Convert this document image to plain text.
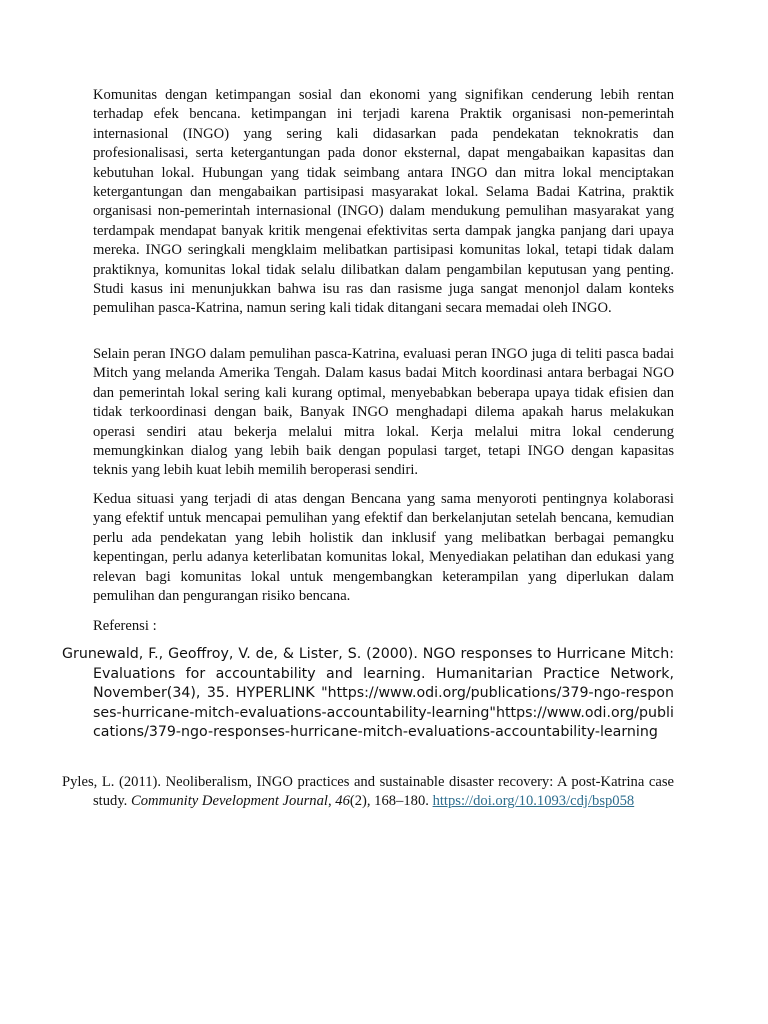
Komunitas dengan ketimpangan sosial dan ekonomi yang signifikan cenderung lebih rentan terhadap efek bencana. ketimpangan ini terjadi karena Praktik organisasi non-pemerintah internasional (INGO) yang sering kali didasarkan pada pendekatan teknokratis dan profesionalisasi, serta ketergantungan pada donor eksternal, dapat mengabaikan kapasitas dan kebutuhan lokal. Hubungan yang tidak seimbang antara INGO dan mitra lokal menciptakan ketergantungan dan mengabaikan partisipasi masyarakat lokal. Selama Badai Katrina, praktik organisasi non-pemerintah internasional (INGO) dalam mendukung pemulihan masyarakat yang terdampak mendapat banyak kritik mengenai efektivitas serta dampak jangka panjang dari upaya mereka. INGO seringkali mengklaim melibatkan partisipasi komunitas lokal, tetapi tidak dalam praktiknya, komunitas lokal tidak selalu dilibatkan dalam pengambilan keputusan yang penting. Studi kasus ini menunjukkan bahwa isu ras dan rasisme juga sangat menonjol dalam konteks pemulihan pasca-Katrina, namun sering kali tidak ditangani secara memadai oleh INGO.

Selain peran INGO dalam pemulihan pasca-Katrina, evaluasi peran INGO juga di teliti pasca badai Mitch yang melanda Amerika Tengah. Dalam kasus badai Mitch koordinasi antara berbagai NGO dan pemerintah lokal sering kali kurang optimal, menyebabkan beberapa upaya tidak efisien dan tidak terkoordinasi dengan baik, Banyak INGO menghadapi dilema apakah harus melakukan operasi sendiri atau bekerja melalui mitra lokal. Kerja melalui mitra lokal cenderung memungkinkan dialog yang lebih baik dengan populasi target, tetapi INGO dengan kapasitas teknis yang lebih kuat lebih memilih beroperasi sendiri.

Kedua situasi yang terjadi di atas dengan Bencana yang sama menyoroti pentingnya kolaborasi yang efektif untuk mencapai pemulihan yang efektif dan berkelanjutan setelah bencana, kemudian perlu ada pendekatan yang lebih holistik dan inklusif yang melibatkan berbagai pemangku kepentingan, perlu adanya keterlibatan komunitas lokal, Menyediakan pelatihan dan edukasi yang relevan bagi komunitas lokal untuk mengembangkan keterampilan yang diperlukan dalam pemulihan dan pengurangan risiko bencana.

Referensi :

Grunewald, F., Geoffroy, V. de, & Lister, S. (2000). NGO responses to Hurricane Mitch: Evaluations for accountability and learning. Humanitarian Practice Network, November(34), 35. HYPERLINK "https://www.odi.org/publications/379-ngo-responses-hurricane-mitch-evaluations-accountability-learning"https://www.odi.org/publications/379-ngo-responses-hurricane-mitch-evaluations-accountability-learning

Pyles, L. (2011). Neoliberalism, INGO practices and sustainable disaster recovery: A post-Katrina case study. Community Development Journal, 46(2), 168–180. https://doi.org/10.1093/cdj/bsp058
